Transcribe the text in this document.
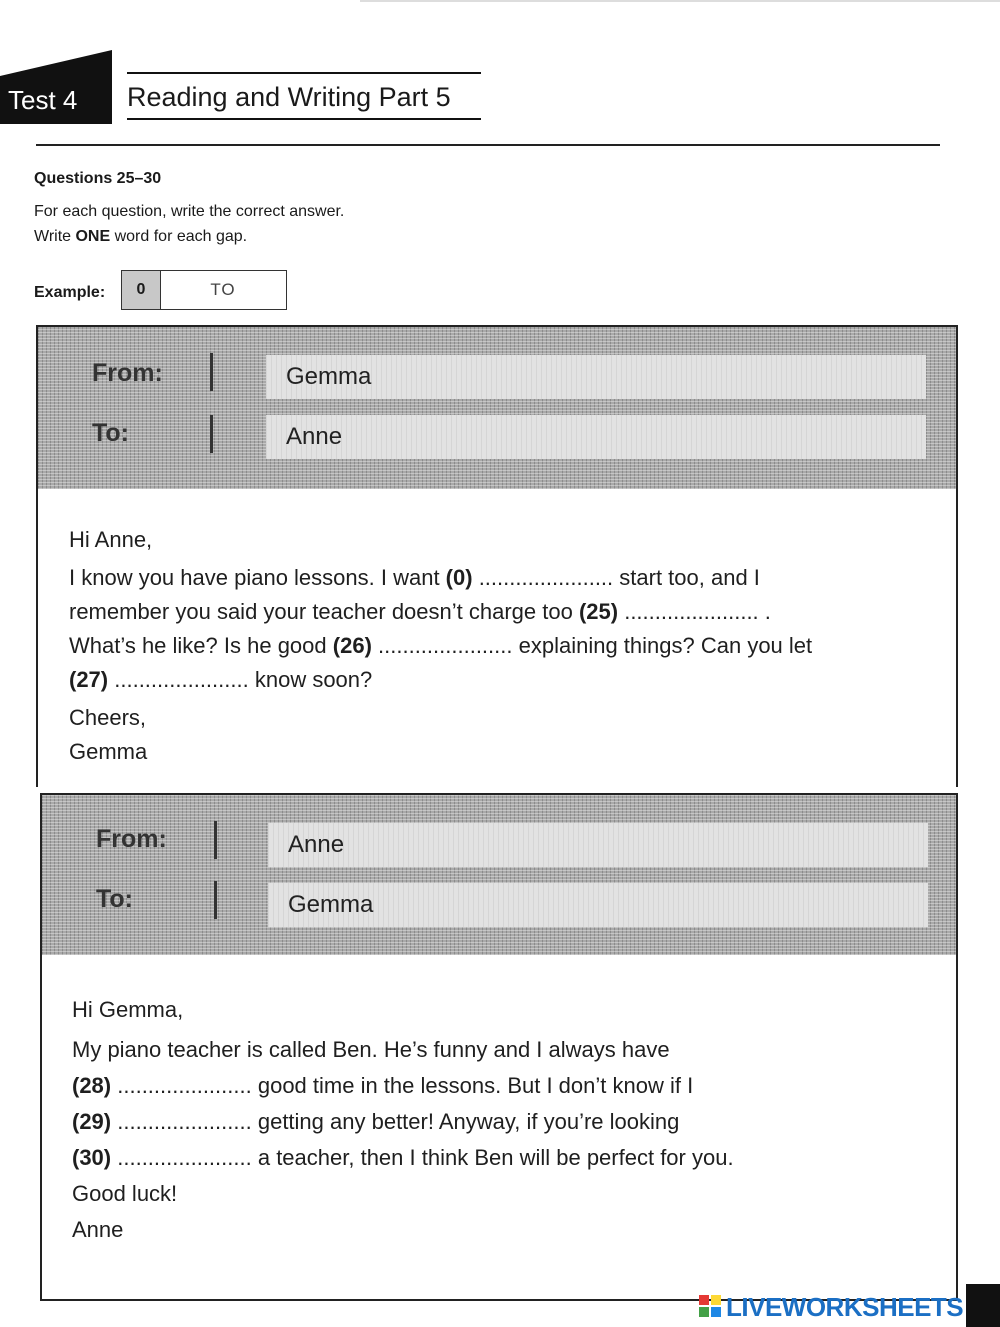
Test 4	Reading and Writing Part 5
Questions 25–30
For each question, write the correct answer.
Write ONE word for each gap.
Example:	0	TO
From:	Gemma
To:	Anne

Hi Anne,

I know you have piano lessons. I want (0) ...................... start too, and I

remember you said your teacher doesn’t charge too (25) ...................... .

What’s he like? Is he good (26) ...................... explaining things? Can you let

(27) ...................... know soon?

Cheers,

Gemma

From:	Anne
To:	Gemma

Hi Gemma,

My piano teacher is called Ben. He’s funny and I always have

(28) ...................... good time in the lessons. But I don’t know if I

(29) ...................... getting any better! Anyway, if you’re looking

(30) ...................... a teacher, then I think Ben will be perfect for you.

Good luck!

Anne

LIVEWORKSHEETS
